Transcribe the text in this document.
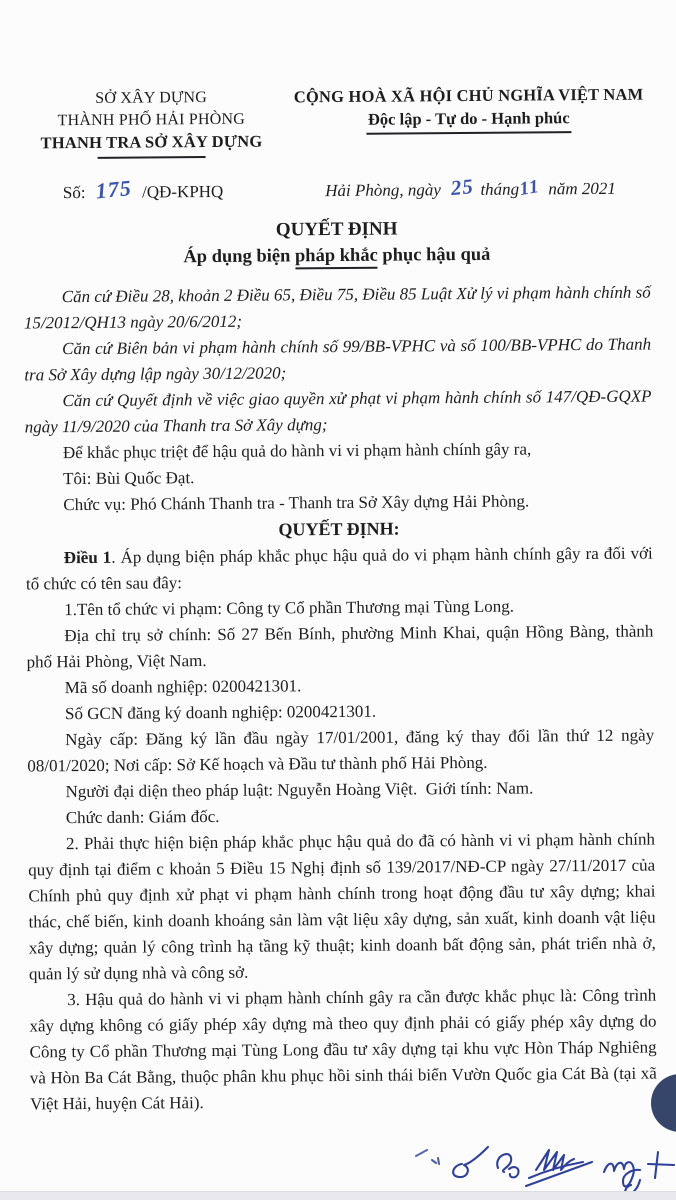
SỞ XÂY DỰNG
THÀNH PHỐ HẢI PHÒNG
THANH TRA SỞ XÂY DỰNG
CỘNG HOÀ XÃ HỘI CHỦ NGHĨA VIỆT NAM
Độc lập - Tự do - Hạnh phúc
Số: 175 /QĐ-KPHQ	Hải Phòng, ngày 25 tháng11 năm 2021
QUYẾT ĐỊNH
Áp dụng biện pháp khắc phục hậu quả

Căn cứ Điều 28, khoản 2 Điều 65, Điều 75, Điều 85 Luật Xử lý vi phạm hành chính số 15/2012/QH13 ngày 20/6/2012;

Căn cứ Biên bản vi phạm hành chính số 99/BB-VPHC và số 100/BB-VPHC do Thanh tra Sở Xây dựng lập ngày 30/12/2020;

Căn cứ Quyết định về việc giao quyền xử phạt vi phạm hành chính số 147/QĐ-GQXP ngày 11/9/2020 của Thanh tra Sở Xây dựng;

Để khắc phục triệt để hậu quả do hành vi vi phạm hành chính gây ra,

Tôi: Bùi Quốc Đạt.

Chức vụ: Phó Chánh Thanh tra - Thanh tra Sở Xây dựng Hải Phòng.

QUYẾT ĐỊNH:

Điều 1. Áp dụng biện pháp khắc phục hậu quả do vi phạm hành chính gây ra đối với tổ chức có tên sau đây:

1.Tên tổ chức vi phạm: Công ty Cổ phần Thương mại Tùng Long.

Địa chỉ trụ sở chính: Số 27 Bến Bính, phường Minh Khai, quận Hồng Bàng, thành phố Hải Phòng, Việt Nam.

Mã số doanh nghiệp: 0200421301.

Số GCN đăng ký doanh nghiệp: 0200421301.

Ngày cấp: Đăng ký lần đầu ngày 17/01/2001, đăng ký thay đổi lần thứ 12 ngày 08/01/2020; Nơi cấp: Sở Kế hoạch và Đầu tư thành phố Hải Phòng.

Người đại diện theo pháp luật: Nguyễn Hoàng Việt.  Giới tính: Nam.

Chức danh: Giám đốc.

2. Phải thực hiện biện pháp khắc phục hậu quả do đã có hành vi vi phạm hành chính quy định tại điểm c khoản 5 Điều 15 Nghị định số 139/2017/NĐ-CP ngày 27/11/2017 của Chính phủ quy định xử phạt vi phạm hành chính trong hoạt động đầu tư xây dựng; khai thác, chế biến, kinh doanh khoáng sản làm vật liệu xây dựng, sản xuất, kinh doanh vật liệu xây dựng; quản lý công trình hạ tầng kỹ thuật; kinh doanh bất động sản, phát triển nhà ở, quản lý sử dụng nhà và công sở.

3. Hậu quả do hành vi vi phạm hành chính gây ra cần được khắc phục là: Công trình xây dựng không có giấy phép xây dựng mà theo quy định phải có giấy phép xây dựng do Công ty Cổ phần Thương mại Tùng Long đầu tư xây dựng tại khu vực Hòn Tháp Nghiêng và Hòn Ba Cát Bằng, thuộc phân khu phục hồi sinh thái biển Vườn Quốc gia Cát Bà (tại xã Việt Hải, huyện Cát Hải).
